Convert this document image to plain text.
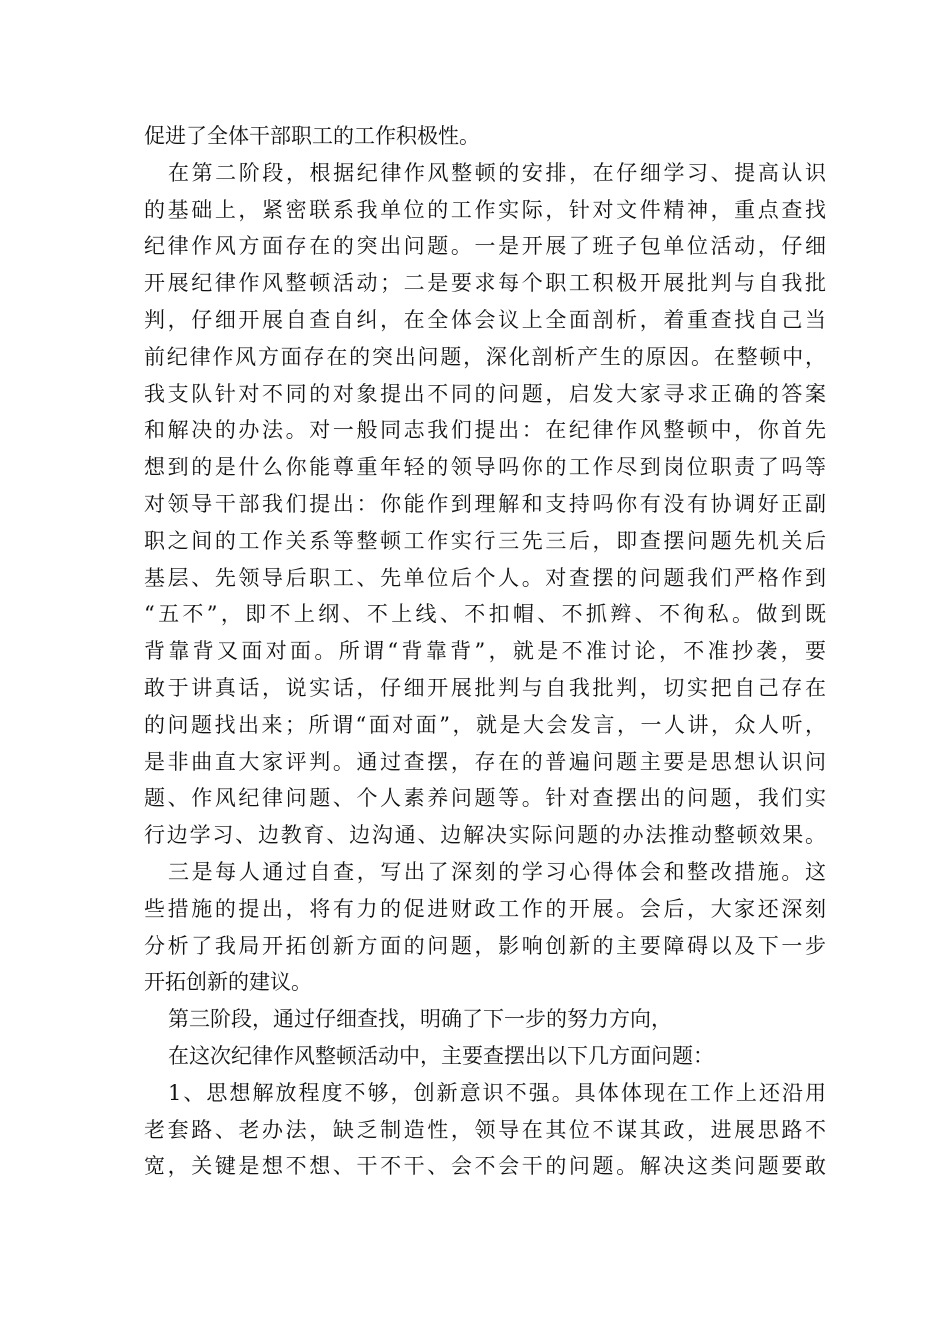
促进了全体干部职工的工作积极性。
在第二阶段，根据纪律作风整顿的安排，在仔细学习、提高认识
的基础上，紧密联系我单位的工作实际，针对文件精神，重点查找
纪律作风方面存在的突出问题。一是开展了班子包单位活动，仔细
开展纪律作风整顿活动；二是要求每个职工积极开展批判与自我批
判，仔细开展自查自纠，在全体会议上全面剖析，着重查找自己当
前纪律作风方面存在的突出问题，深化剖析产生的原因。在整顿中，
我支队针对不同的对象提出不同的问题，启发大家寻求正确的答案
和解决的办法。对一般同志我们提出：在纪律作风整顿中，你首先
想到的是什么你能尊重年轻的领导吗你的工作尽到岗位职责了吗等
对领导干部我们提出：你能作到理解和支持吗你有没有协调好正副
职之间的工作关系等整顿工作实行三先三后，即查摆问题先机关后
基层、先领导后职工、先单位后个人。对查摆的问题我们严格作到
“五不”，即不上纲、不上线、不扣帽、不抓辫、不徇私。做到既
背靠背又面对面。所谓“背靠背”，就是不准讨论，不准抄袭，要
敢于讲真话，说实话，仔细开展批判与自我批判，切实把自己存在
的问题找出来；所谓“面对面”，就是大会发言，一人讲，众人听，
是非曲直大家评判。通过查摆，存在的普遍问题主要是思想认识问
题、作风纪律问题、个人素养问题等。针对查摆出的问题，我们实
行边学习、边教育、边沟通、边解决实际问题的办法推动整顿效果。
三是每人通过自查，写出了深刻的学习心得体会和整改措施。这
些措施的提出，将有力的促进财政工作的开展。会后，大家还深刻
分析了我局开拓创新方面的问题，影响创新的主要障碍以及下一步
开拓创新的建议。
第三阶段，通过仔细查找，明确了下一步的努力方向，
在这次纪律作风整顿活动中，主要查摆出以下几方面问题：
1、思想解放程度不够，创新意识不强。具体体现在工作上还沿用
老套路、老办法，缺乏制造性，领导在其位不谋其政，进展思路不
宽，关键是想不想、干不干、会不会干的问题。解决这类问题要敢
